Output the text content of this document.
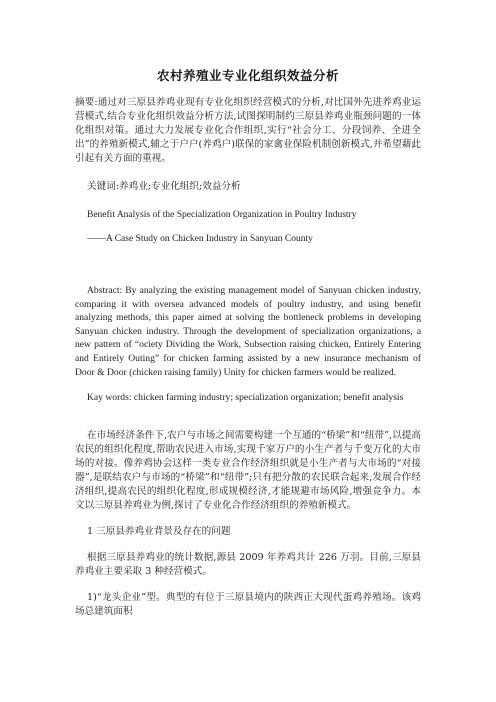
农村养殖业专业化组织效益分析

摘要:通过对三原县养鸡业现有专业化组织经营模式的分析,对比国外先进养鸡业运营模式,结合专业化组织效益分析方法,试图探明制约三原县养鸡业瓶颈问题的一体化组织对策。通过大力发展专业化合作组织,实行“社会分工、分段饲养、全进全出”的养殖新模式,辅之于户户(养鸡户)联保的家禽业保险机制创新模式,并希望藉此引起有关方面的重视。

关键词:养鸡业;专业化组织;效益分析

Benefit Analysis of the Specialization Organization in Poultry Industry

——A Case Study on Chicken Industry in Sanyuan County

Abstract: By analyzing the existing management model of Sanyuan chicken industry, comparing it with oversea advanced models of poultry industry, and using benefit analyzing methods, this paper aimed at solving the bottleneck problems in developing Sanyuan chicken industry. Through the development of specialization organizations, a new pattern of “ociety Dividing the Work, Subsection raising chicken, Entirely Entering and Entirely Outing” for chicken farming assisted by a new insurance mechanism of Door & Door (chicken raising family) Unity for chicken farmers would be realized.

Kay words: chicken farming industry; specialization organization; benefit analysis

在市场经济条件下,农户与市场之间需要构建一个互通的“桥梁”和“纽带”,以提高农民的组织化程度,帮助农民进入市场,实现千家万户的小生产者与千变万化的大市场的对接。像养鸡协会这样一类专业合作经济组织就是小生产者与大市场的“对接器”,是联结农户与市场的“桥梁”和“纽带”;只有把分散的农民联合起来,发展合作经济组织,提高农民的组织化程度,形成规模经济,才能规避市场风险,增强竞争力。本文以三原县养鸡业为例,探讨了专业化合作经济组织的养殖新模式。

1 三原县养鸡业背景及存在的问题

根据三原县养鸡业的统计数据,源县 2009 年养鸡共计 226 万羽。目前,三原县养鸡业主要采取 3 种经营模式。

1)“龙头企业”型。典型的有位于三原县境内的陕西正大现代蛋鸡养殖场。该鸡场总建筑面积
